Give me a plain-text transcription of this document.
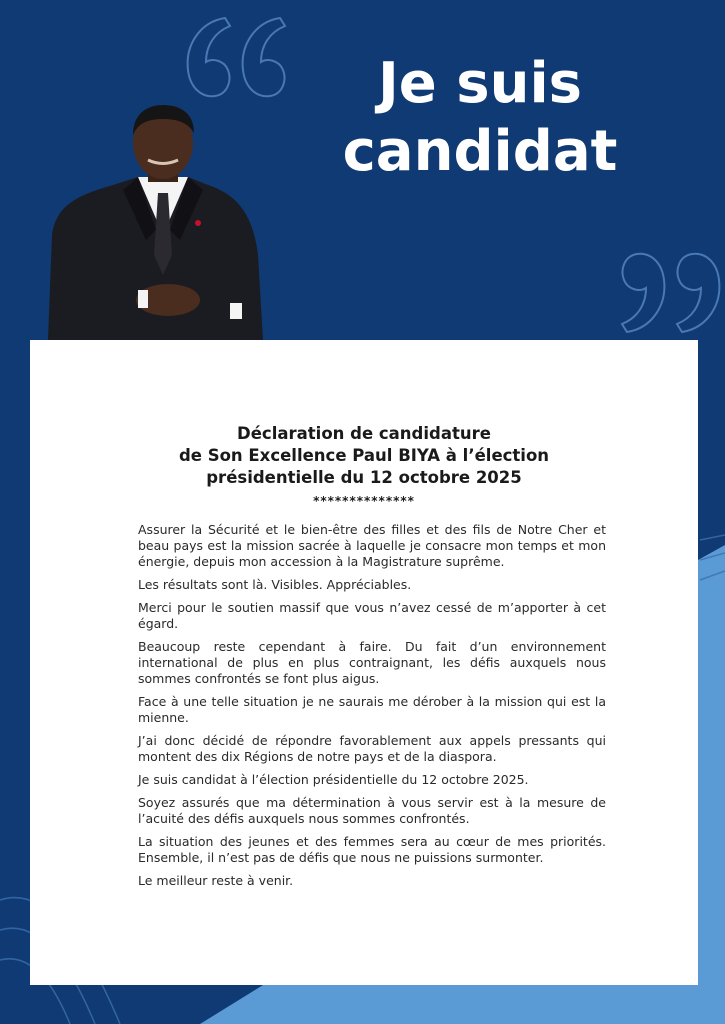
Je suis
candidat
Déclaration de candidature
de Son Excellence Paul BIYA à l’élection
présidentielle du 12 octobre 2025
**************

Assurer la Sécurité et le bien-être des filles et des fils de Notre Cher et beau pays est la mission sacrée à laquelle je consacre mon temps et mon énergie, depuis mon accession à la Magistrature suprême.

Les résultats sont là. Visibles. Appréciables.

Merci pour le soutien massif que vous n’avez cessé de m’apporter à cet égard.

Beaucoup reste cependant à faire. Du fait d’un environnement international de plus en plus contraignant, les défis auxquels nous sommes confrontés se font plus aigus.

Face à une telle situation je ne saurais me dérober à la mission qui est la mienne.

J’ai donc décidé de répondre favorablement aux appels pressants qui montent des dix Régions de notre pays et de la diaspora.

Je suis candidat à l’élection présidentielle du 12 octobre 2025.

Soyez assurés que ma détermination à vous servir est à la mesure de l’acuité des défis auxquels nous sommes confrontés.

La situation des jeunes et des femmes sera au cœur de mes priorités. Ensemble, il n’est pas de défis que nous ne puissions surmonter.

Le meilleur reste à venir.
